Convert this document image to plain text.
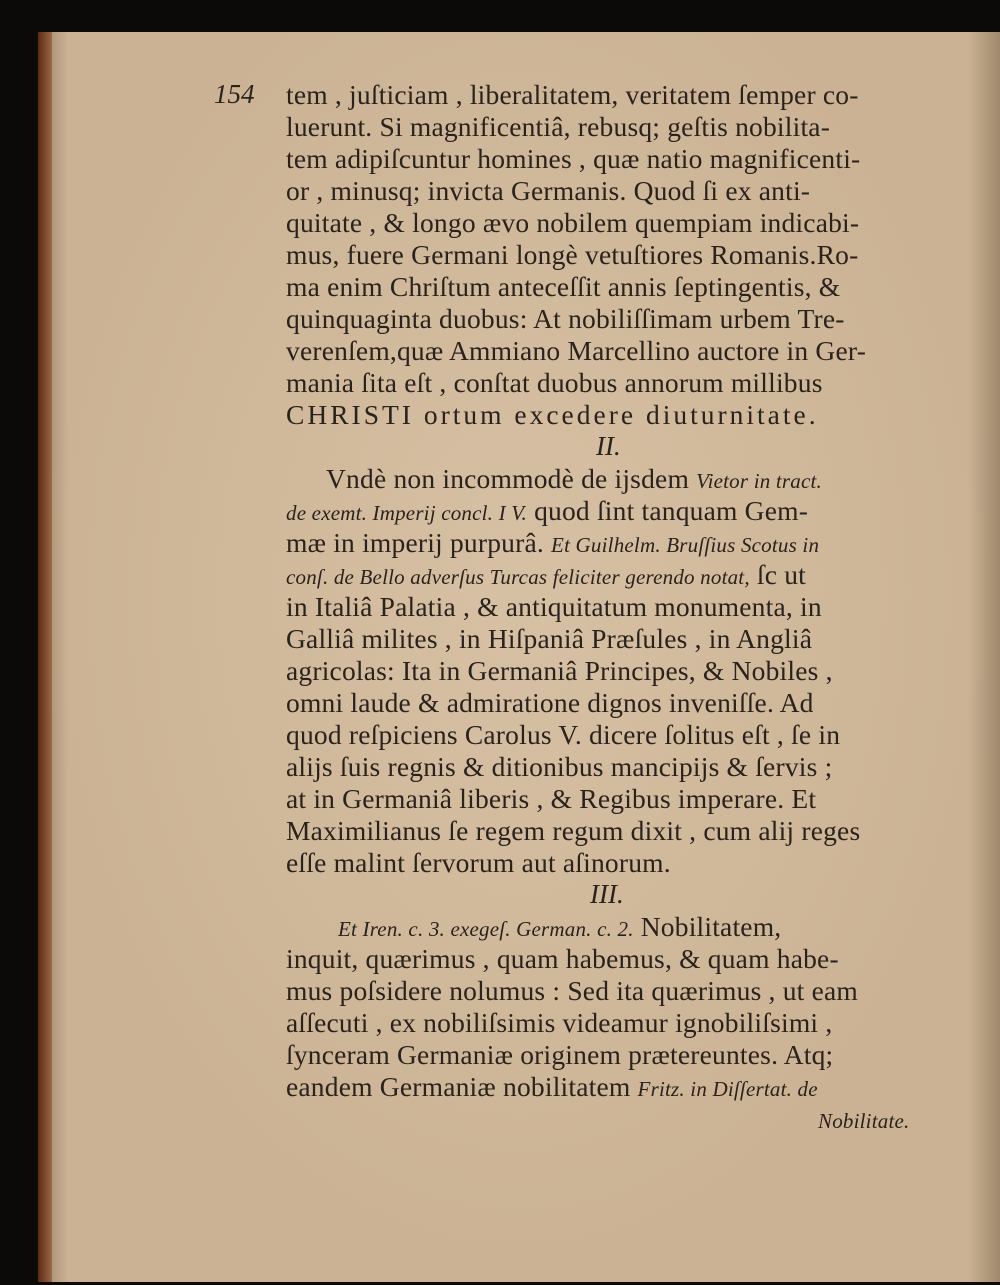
154 tem , juſticiam , liberalitatem, veritatem ſemper co-
luerunt. Si magnificentiâ, rebusq; geſtis nobilita-
tem adipiſcuntur homines , quæ natio magnificenti-
or , minusq; invicta Germanis. Quod ſi ex anti-
quitate , & longo ævo nobilem quempiam indicabi-
mus, fuere Germani longè vetuſtiores Romanis.Ro-
ma enim Chriſtum anteceſſit annis ſeptingentis, &
quinquaginta duobus: At nobiliſſimam urbem Tre-
verenſem,quæ Ammiano Marcellino auctore in Ger-
mania ſita eſt , conſtat duobus annorum millibus
CHRISTI ortum excedere diuturnitate.
II.
Vndè non incommodè de ijsdem Vietor in tract.
de exemt. Imperij concl. I V. quod ſint tanquam Gem-
mæ in imperij purpurâ. Et Guilhelm. Bruſſius Scotus in
conſ. de Bello adverſus Turcas feliciter gerendo notat, ſc ut
in Italiâ Palatia , & antiquitatum monumenta, in
Galliâ milites , in Hiſpaniâ Præſules , in Angliâ
agricolas: Ita in Germaniâ Principes, & Nobiles ,
omni laude & admiratione dignos inveniſſe. Ad
quod reſpiciens Carolus V. dicere ſolitus eſt , ſe in
alijs ſuis regnis & ditionibus mancipijs & ſervis ;
at in Germaniâ liberis , & Regibus imperare. Et
Maximilianus ſe regem regum dixit , cum alij reges
eſſe malint ſervorum aut aſinorum.
III.
Et Iren. c. 3. exegeſ. German. c. 2. Nobilitatem,
inquit, quærimus , quam habemus, & quam habe-
mus poſsidere nolumus : Sed ita quærimus , ut eam
aſſecuti , ex nobiliſsimis videamur ignobiliſsimi ,
ſynceram Germaniæ originem prætereuntes. Atq;
eandem Germaniæ nobilitatem Fritz. in Diſſertat. de
Nobilitate.
